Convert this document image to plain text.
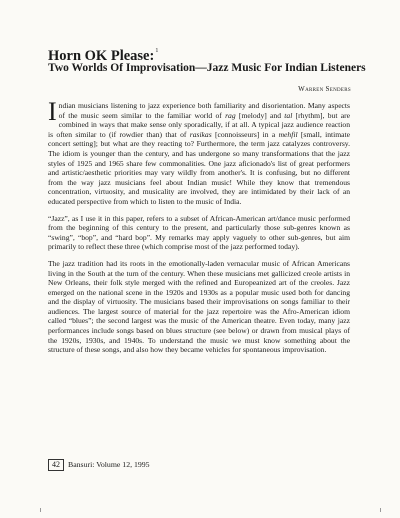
Horn OK Please:$^1$
Two Worlds Of Improvisation—Jazz Music For Indian Listeners
Warren Senders

Indian musicians listening to jazz experience both familiarity and disorientation. Many aspects of the music seem similar to the familiar world of rag [melody] and tal [rhythm], but are combined in ways that make sense only sporadically, if at all. A typical jazz audience reaction is often similar to (if rowdier than) that of rasikas [connoisseurs] in a mehfil [small, intimate concert setting]; but what are they reacting to? Furthermore, the term jazz catalyzes controversy. The idiom is younger than the century, and has undergone so many transformations that the jazz styles of 1925 and 1965 share few commonalities. One jazz aficionado's list of great performers and artistic/aesthetic priorities may vary wildly from another's. It is confusing, but no different from the way jazz musicians feel about Indian music! While they know that tremendous concentration, virtuosity, and musicality are involved, they are intimidated by their lack of an educated perspective from which to listen to the music of India.

“Jazz”, as I use it in this paper, refers to a subset of African-American art/dance music performed from the beginning of this century to the present, and particularly those sub-genres known as “swing”, “bop”, and “hard bop”. My remarks may apply vaguely to other sub-genres, but aim primarily to reflect these three (which comprise most of the jazz performed today).

The jazz tradition had its roots in the emotionally-laden vernacular music of African Americans living in the South at the turn of the century. When these musicians met gallicized creole artists in New Orleans, their folk style merged with the refined and Europeanized art of the creoles. Jazz emerged on the national scene in the 1920s and 1930s as a popular music used both for dancing and the display of virtuosity. The musicians based their improvisations on songs familiar to their audiences. The largest source of material for the jazz repertoire was the Afro-American idiom called “blues”; the second largest was the music of the American theatre. Even today, many jazz performances include songs based on blues structure (see below) or drawn from musical plays of the 1920s, 1930s, and 1940s. To understand the music we must know something about the structure of these songs, and also how they became vehicles for spontaneous improvisation.

42	Bansuri: Volume 12, 1995
